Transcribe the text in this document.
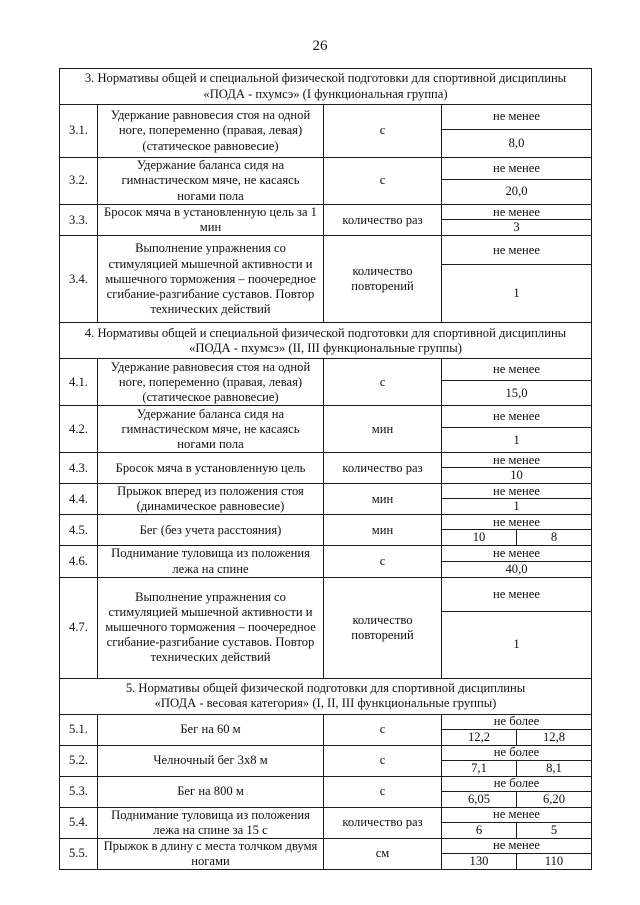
26
3. Нормативы общей и специальной физической подготовки для спортивной дисциплины
«ПОДА - пхумсэ» (I функциональная группа)			

3.1.	Удержание равновесия стоя на одной ногe, попеременно (правая, левая) (статическое равновесие)	с	не менее
8,0

3.2.	Удержание баланса сидя на гимнастическом мяче, не касаясь ногами пола	с	не менее
20,0

3.3.	Бросок мяча в установленную цель за 1 мин	количество раз	не менее
3

3.4.	Выполнение упражнения со стимуляцией мышечной активности и мышечного торможения – поочередное сгибание-разгибание суставов. Повтор технических действий	количество повторений	не менее
1

4. Нормативы общей и специальной физической подготовки для спортивной дисциплины
«ПОДА - пхумсэ» (II, III функциональные группы)			

4.1.	Удержание равновесия стоя на одной ноге, попеременно (правая, левая) (статическое равновесие)	с	не менее
15,0

4.2.	Удержание баланса сидя на гимнастическом мяче, не касаясь ногами пола	мин	не менее
1

4.3.	Бросок мяча в установленную цель	количество раз	не менее
10

4.4.	Прыжок вперед из положения стоя (динамическое равновесие)	мин	не менее
1

4.5.	Бег (без учета расстояния)	мин	не менее
10 8

4.6.	Поднимание туловища из положения лежа на спине	с	не менее
40,0

4.7.	Выполнение упражнения со стимуляцией мышечной активности и мышечного торможения – поочередное сгибание-разгибание суставов. Повтор технических действий	количество повторений	не менее
1

5. Нормативы общей физической подготовки для спортивной дисциплины
«ПОДА - весовая категория» (I, II, III функциональные группы)			

5.1.	Бег на 60 м	с	не более
12,2 12,8

5.2.	Челночный бег 3х8 м	с	не более
7,1 8,1

5.3.	Бег на 800 м	с	не более
6,05 6,20

5.4.	Поднимание туловища из положения лежа на спине за 15 с	количество раз	не менее
6 5

5.5.	Прыжок в длину с места толчком двумя ногами	см	не менее
130 110
